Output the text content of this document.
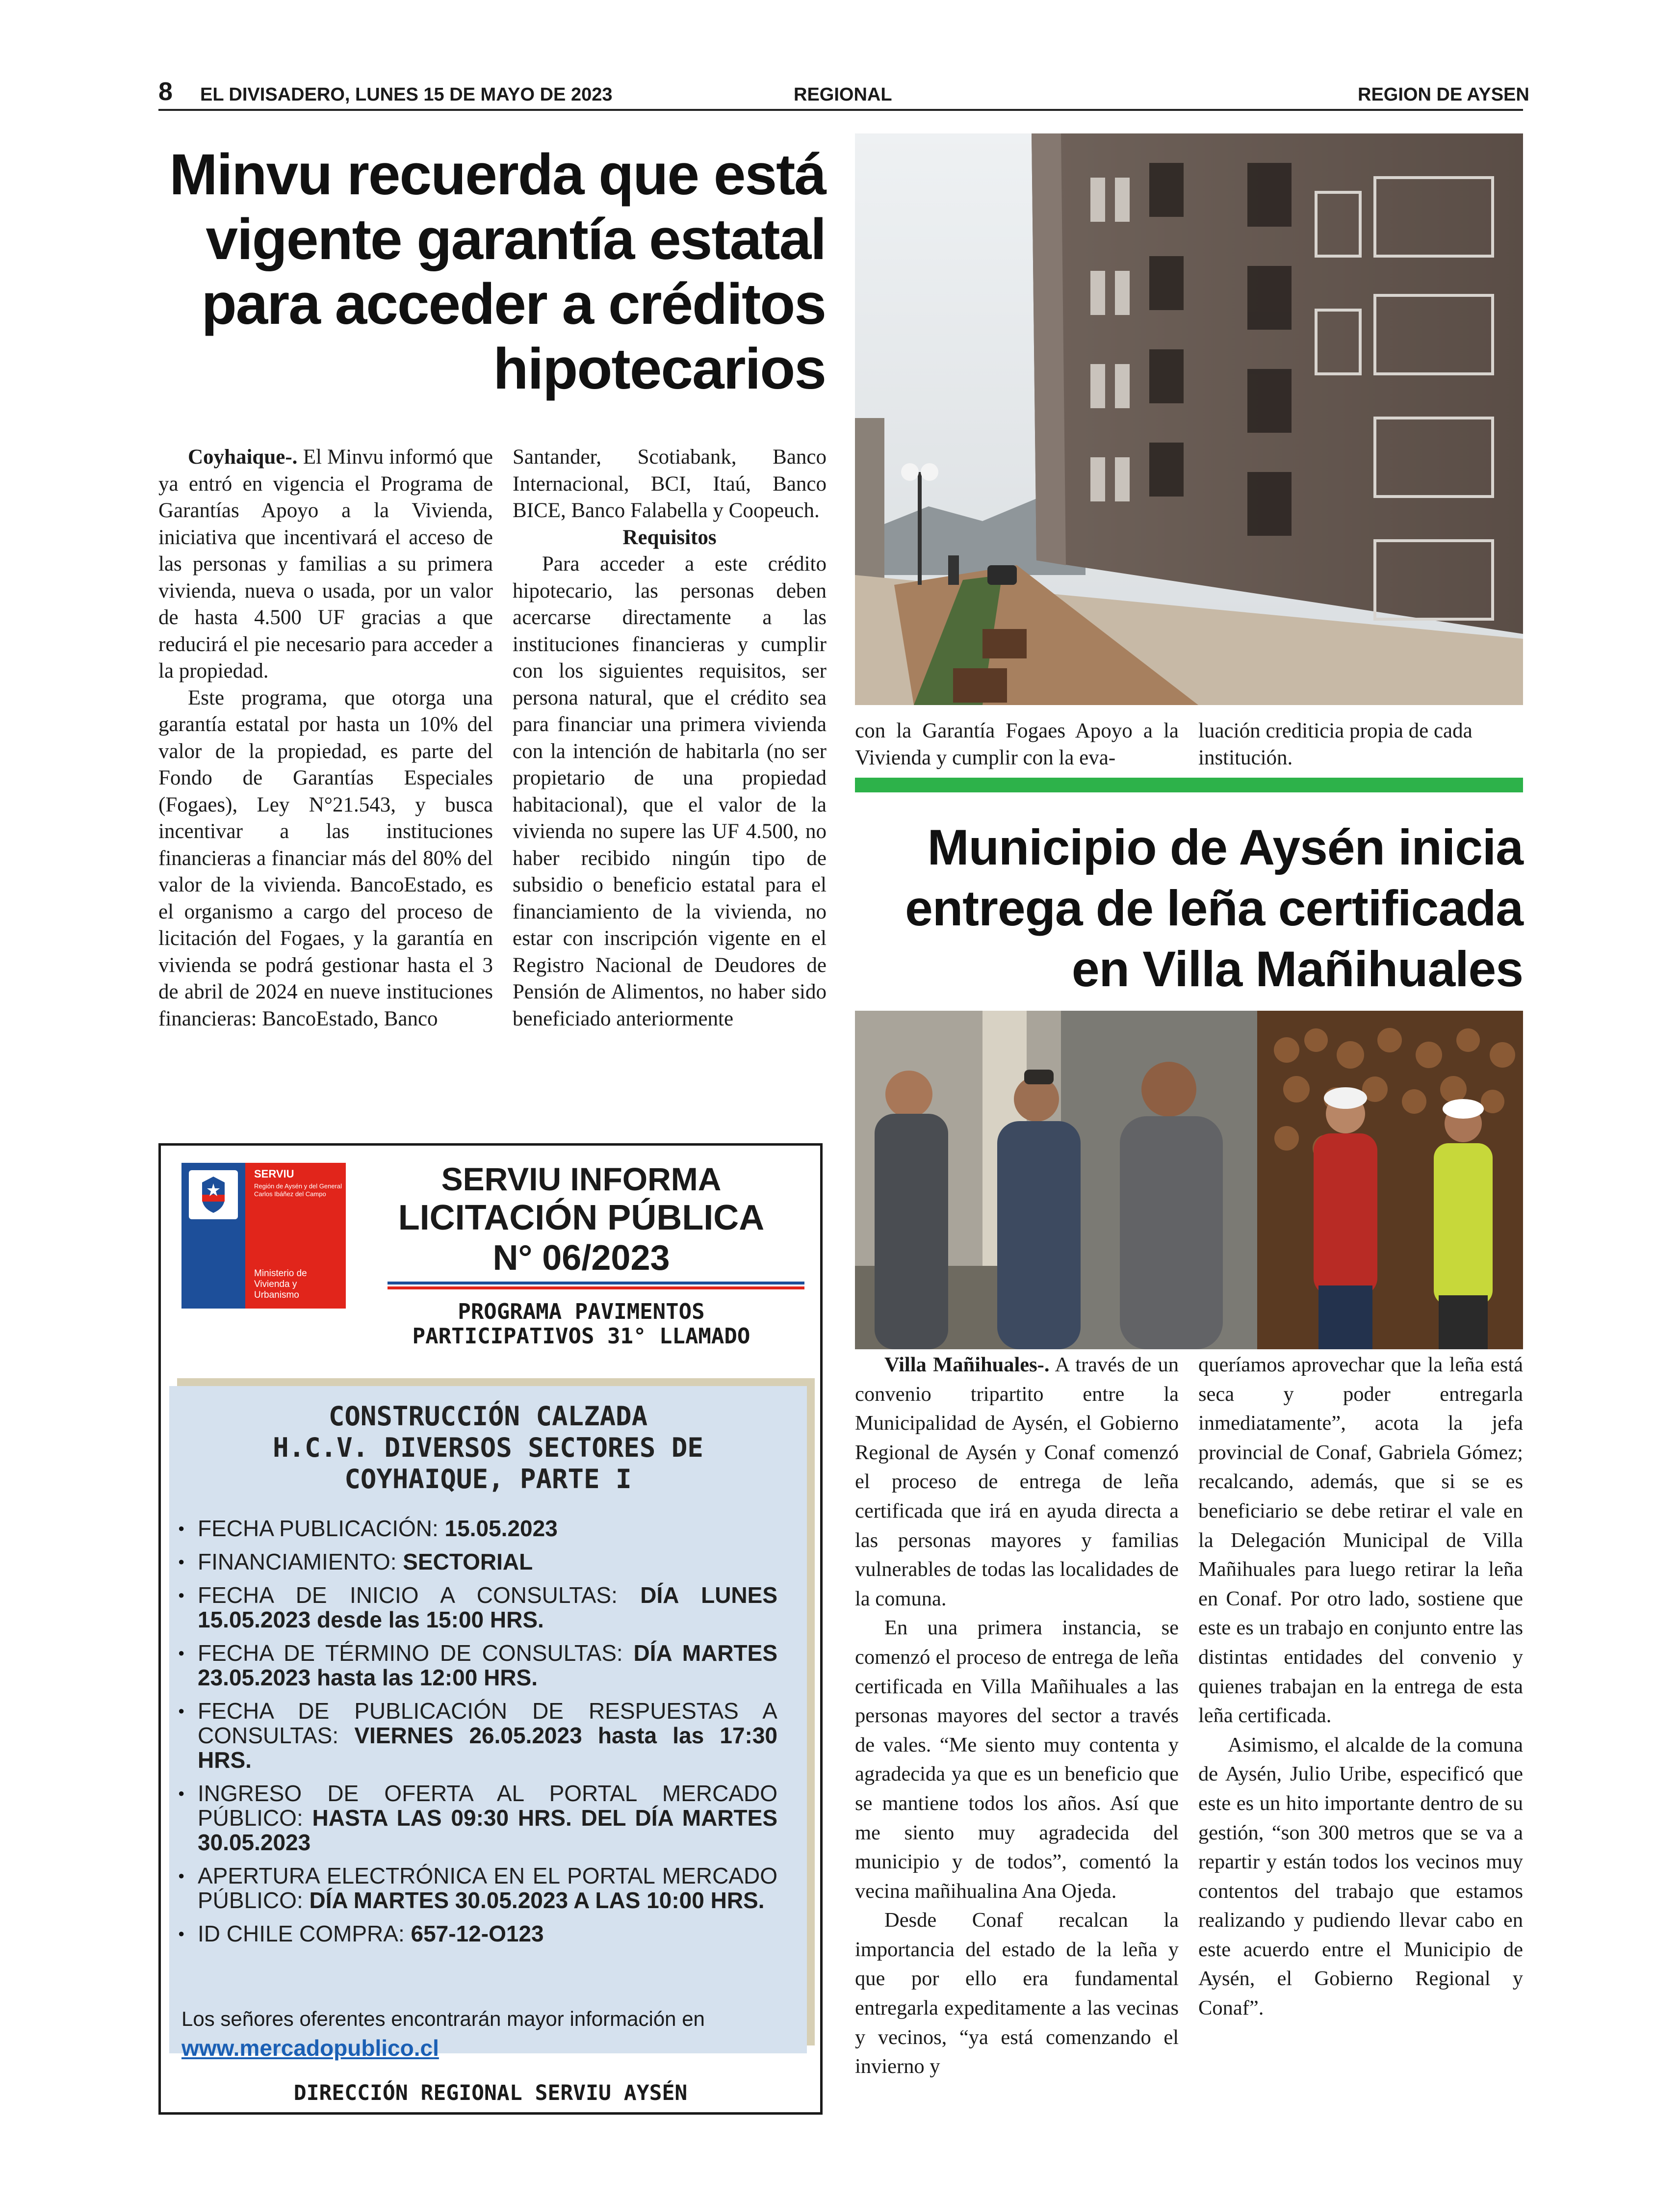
8 EL DIVISADERO, LUNES 15 DE MAYO DE 2023	REGIONAL	REGION DE AYSEN
Minvu recuerda que está
vigente garantía estatal
para acceder a créditos
hipotecarios

Coyhaique-. El Minvu informó que ya entró en vigencia el Programa de Garantías Apoyo a la Vivienda, iniciativa que incentivará el acceso de las personas y familias a su primera vivienda, nueva o usada, por un valor de hasta 4.500 UF gracias a que reducirá el pie necesario para acceder a la propiedad.

Este programa, que otorga una garantía estatal por hasta un 10% del valor de la propiedad, es parte del Fondo de Garantías Especiales (Fogaes), Ley N°21.543, y busca incentivar a las instituciones financieras a financiar más del 80% del valor de la vivienda. BancoEstado, es el organismo a cargo del proceso de licitación del Fogaes, y la garantía en vivienda se podrá gestionar hasta el 3 de abril de 2024 en nueve instituciones financieras: BancoEstado, Banco

Santander, Scotiabank, Banco Internacional, BCI, Itaú, Banco BICE, Banco Falabella y Coopeuch.

Requisitos

Para acceder a este crédito hipotecario, las personas deben acercarse directamente a las instituciones financieras y cumplir con los siguientes requisitos, ser persona natural, que el crédito sea para financiar una primera vivienda con la intención de habitarla (no ser propietario de una propiedad habitacional), que el valor de la vivienda no supere las UF 4.500, no haber recibido ningún tipo de subsidio o beneficio estatal para el financiamiento de la vivienda, no estar con inscripción vigente en el Registro Nacional de Deudores de Pensión de Alimentos, no haber sido beneficiado anteriormente

con la Garantía Fogaes Apoyo a la Vivienda y cumplir con la eva-

luación crediticia propia de cada institución.

Municipio de Aysén inicia
entrega de leña certificada
en Villa Mañihuales

Villa Mañihuales-. A través de un convenio tripartito entre la Municipalidad de Aysén, el Gobierno Regional de Aysén y Conaf comenzó el proceso de entrega de leña certificada que irá en ayuda directa a las personas mayores y familias vulnerables de todas las localidades de la comuna.

En una primera instancia, se comenzó el proceso de entrega de leña certificada en Villa Mañihuales a las personas mayores del sector a través de vales. “Me siento muy contenta y agradecida ya que es un beneficio que se mantiene todos los años. Así que me siento muy agradecida del municipio y de todos”, comentó la vecina mañihualina Ana Ojeda.

Desde Conaf recalcan la importancia del estado de la leña y que por ello era fundamental entregarla expeditamente a las vecinas y vecinos, “ya está comenzando el invierno y

queríamos aprovechar que la leña está seca y poder entregarla inmediatamente”, acota la jefa provincial de Conaf, Gabriela Gómez; recalcando, además, que si se es beneficiario se debe retirar el vale en la Delegación Municipal de Villa Mañihuales para luego retirar la leña en Conaf. Por otro lado, sostiene que este es un trabajo en conjunto entre las distintas entidades del convenio y quienes trabajan en la entrega de esta leña certificada.

Asimismo, el alcalde de la comuna de Aysén, Julio Uribe, especificó que este es un hito importante dentro de su gestión, “son 300 metros que se va a repartir y están todos los vecinos muy contentos del trabajo que estamos realizando y pudiendo llevar cabo en este acuerdo entre el Municipio de Aysén, el Gobierno Regional y Conaf”.

SERVIU
Región de Aysén y del General Carlos Ibáñez del Campo
Ministerio de Vivienda y Urbanismo
SERVIU INFORMA
LICITACIÓN PÚBLICA
N° 06/2023
PROGRAMA PAVIMENTOS
PARTICIPATIVOS 31° LLAMADO
CONSTRUCCIÓN CALZADA
H.C.V. DIVERSOS SECTORES DE
COYHAIQUE, PARTE I
● FECHA PUBLICACIÓN: 15.05.2023
● FINANCIAMIENTO: SECTORIAL
● FECHA DE INICIO A CONSULTAS: DÍA LUNES 15.05.2023 desde las 15:00 HRS.
● FECHA DE TÉRMINO DE CONSULTAS: DÍA MARTES 23.05.2023 hasta las 12:00 HRS.
● FECHA DE PUBLICACIÓN DE RESPUESTAS A CONSULTAS: VIERNES 26.05.2023 hasta las 17:30 HRS.
● INGRESO DE OFERTA AL PORTAL MERCADO PÚBLICO: HASTA LAS 09:30 HRS. DEL DÍA MARTES 30.05.2023
● APERTURA ELECTRÓNICA EN EL PORTAL MERCADO PÚBLICO: DÍA MARTES 30.05.2023 A LAS 10:00 HRS.
● ID CHILE COMPRA: 657-12-O123
Los señores oferentes encontrarán mayor información en
www.mercadopublico.cl
DIRECCIÓN REGIONAL SERVIU AYSÉN
